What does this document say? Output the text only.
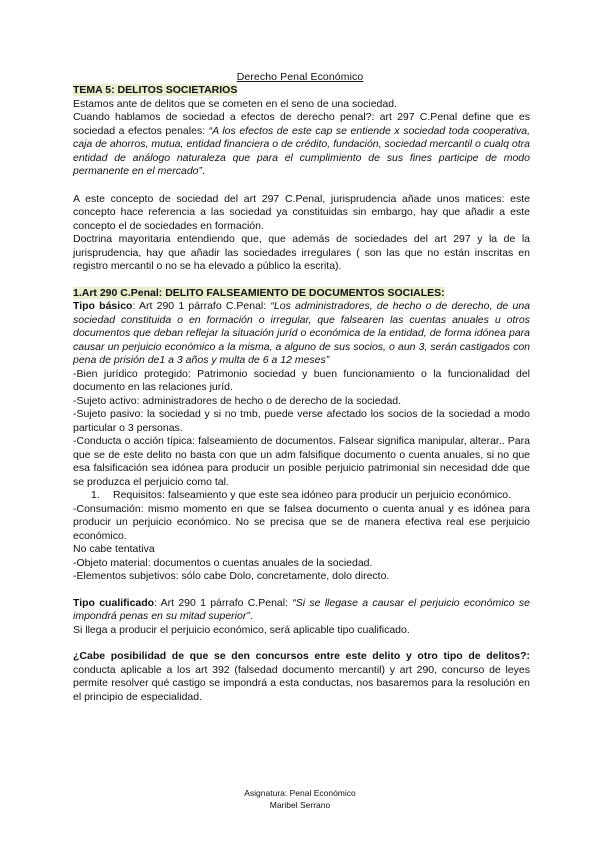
Derecho Penal Económico

TEMA 5: DELITOS SOCIETARIOS

Estamos ante de delitos que se cometen en el seno de una sociedad.

Cuando hablamos de sociedad a efectos de derecho penal?: art 297 C.Penal define que es sociedad a efectos penales: “A los efectos de este cap se entiende x sociedad toda cooperativa, caja de ahorros, mutua, entidad financiera o de crédito, fundación, sociedad mercantil o cualq otra entidad de análogo naturaleza que para el cumplimiento de sus fines participe de modo permanente en el mercado”.

A este concepto de sociedad del art 297 C.Penal, jurisprudencia añade unos matices: este concepto hace referencia a las sociedad ya constituidas sin embargo, hay que añadir a este concepto el de sociedades en formación.

Doctrina mayoritaria entendiendo que, que además de sociedades del art 297 y la de la jurisprudencia, hay que añadir las sociedades irregulares ( son las que no están inscritas en registro mercantil o no se ha elevado a público la escrita).

1.Art 290 C.Penal: DELITO FALSEAMIENTO DE DOCUMENTOS SOCIALES:

Tipo básico: Art 290 1 párrafo C.Penal: “Los administradores, de hecho o de derecho, de una sociedad constituida o en formación o irregular, que falsearen las cuentas anuales u otros documentos que deban reflejar la situación juríd o económica de la entidad, de forma idónea para causar un perjuicio económico a la misma, a alguno de sus socios, o aun 3, serán castigados con pena de prisión de1 a 3 años y multa de 6 a 12 meses”

-Bien jurídico protegido: Patrimonio sociedad y buen funcionamiento o la funcionalidad del documento en las relaciones juríd.

-Sujeto activo: administradores de hecho o de derecho de la sociedad.

-Sujeto pasivo: la sociedad y si no tmb, puede verse afectado los socios de la sociedad a modo particular o 3 personas.

-Conducta o acción típica: falseamiento de documentos. Falsear significa manipular, alterar.. Para que se de este delito no basta con que un adm falsifique documento o cuenta anuales, si no que esa falsificación sea idónea para producir un posible perjuicio patrimonial sin necesidad dde que se produzca el perjuicio como tal.

1.	Requisitos: falseamiento y que este sea idóneo para producir un perjuicio económico.

-Consumación: mismo momento en que se falsea documento o cuenta anual y es idónea para producir un perjuicio económico. No se precisa que se de manera efectiva real ese perjuicio económico.

No cabe tentativa

-Objeto material: documentos o cuentas anuales de la sociedad.

-Elementos subjetivos: sólo cabe Dolo, concretamente, dolo directo.

Tipo cualificado: Art 290 1 párrafo C.Penal: “Si se llegase a causar el perjuicio económico se impondrá penas en su mitad superior”.

Si llega a producir el perjuicio económico, será aplicable tipo cualificado.

¿Cabe posibilidad de que se den concursos entre este delito y otro tipo de delitos?: conducta aplicable a los art 392 (falsedad documento mercantil) y art 290, concurso de leyes permite resolver qué castigo se impondrá a esta conductas, nos basaremos para la resolución en el principio de especialidad.

Asignatura: Penal Económico
Maribel Serrano
